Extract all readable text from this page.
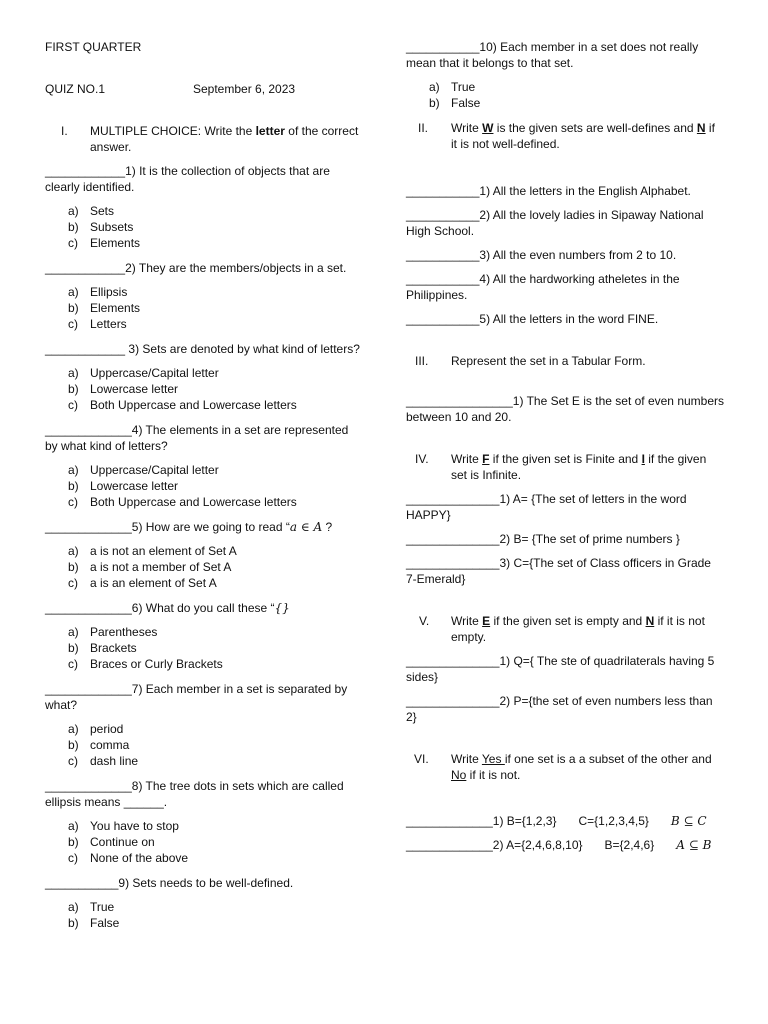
FIRST QUARTER

QUIZ NO.1	September 6, 2023
I.	MULTIPLE CHOICE: Write the letter of the correct answer.

____________1) It is the collection of objects that are clearly identified.

a) Sets
b) Subsets
c)	Elements

____________2) They are the members/objects in a set.

a) Ellipsis
b) Elements
c)	Letters

____________ 3) Sets are denoted by what kind of letters?

a) Uppercase/Capital letter
b) Lowercase letter
c)	Both Uppercase and Lowercase letters

_____________4) The elements in a set are represented by what kind of letters?

a) Uppercase/Capital letter
b) Lowercase letter
c)	Both Uppercase and Lowercase letters

_____________5) How are we going to read “a ∈ A ?

a) a is not an element of Set A
b) a is not a member of Set A
c)	a is an element of Set A

_____________6) What do you call these “{}

a) Parentheses
b) Brackets
c)	Braces or Curly Brackets

_____________7) Each member in a set is separated by what?

a) period
b) comma
c)	dash line

_____________8) The tree dots in sets which are called ellipsis means ______.

a) You have to stop
b) Continue on
c)	None of the above

___________9) Sets needs to be well-defined.

a) True
b) False

___________10) Each member in a set does not really mean that it belongs to that set.

a) True
b) False
II.	Write W is the given sets are well-defines and N if it is not well-defined.

___________1) All the letters in the English Alphabet.

___________2) All the lovely ladies in Sipaway National High School.

___________3) All the even numbers from 2 to 10.

___________4) All the hardworking atheletes in the Philippines.

___________5) All the letters in the word FINE.

III.	Represent the set in a Tabular Form.

________________1) The Set E is the set of even numbers between 10 and 20.

IV.	Write F if the given set is Finite and I if the given set is Infinite.

______________1) A= {The set of letters in the word HAPPY}

______________2) B= {The set of prime numbers }

______________3) C={The set of Class officers in Grade 7-Emerald}

V.	Write E if the given set is empty and N if it is not empty.

______________1) Q={ The ste of quadrilaterals having 5 sides}

______________2) P={the set of even numbers less than 2}

VI.	Write Yes if one set is a a subset of the other and No if it is not.

_____________1) B={1,2,3} C={1,2,3,4,5} B ⊆ C

_____________2) A={2,4,6,8,10} B={2,4,6} A ⊆ B
